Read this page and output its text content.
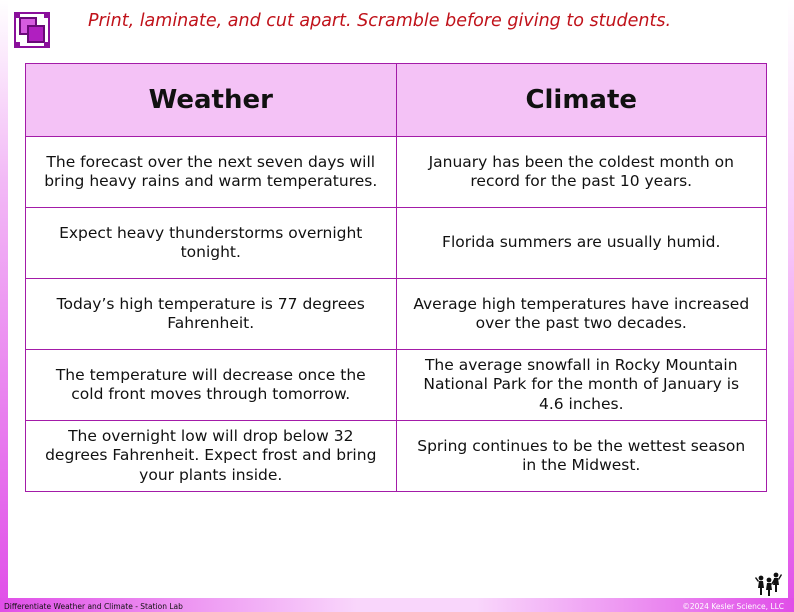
Print, laminate, and cut apart. Scramble before giving to students.
Weather	Climate
The forecast over the next seven days will bring heavy rains and warm temperatures.	January has been the coldest month on record for the past 10 years.
Expect heavy thunderstorms overnight tonight.	Florida summers are usually humid.
Today’s high temperature is 77 degrees Fahrenheit.	Average high temperatures have increased over the past two decades.
The temperature will decrease once the cold front moves through tomorrow.	The average snowfall in Rocky Mountain National Park for the month of January is 4.6 inches.
The overnight low will drop below 32 degrees Fahrenheit. Expect frost and bring your plants inside.	Spring continues to be the wettest season in the Midwest.
Differentiate Weather and Climate - Station Lab	©2024 Kesler Science, LLC
